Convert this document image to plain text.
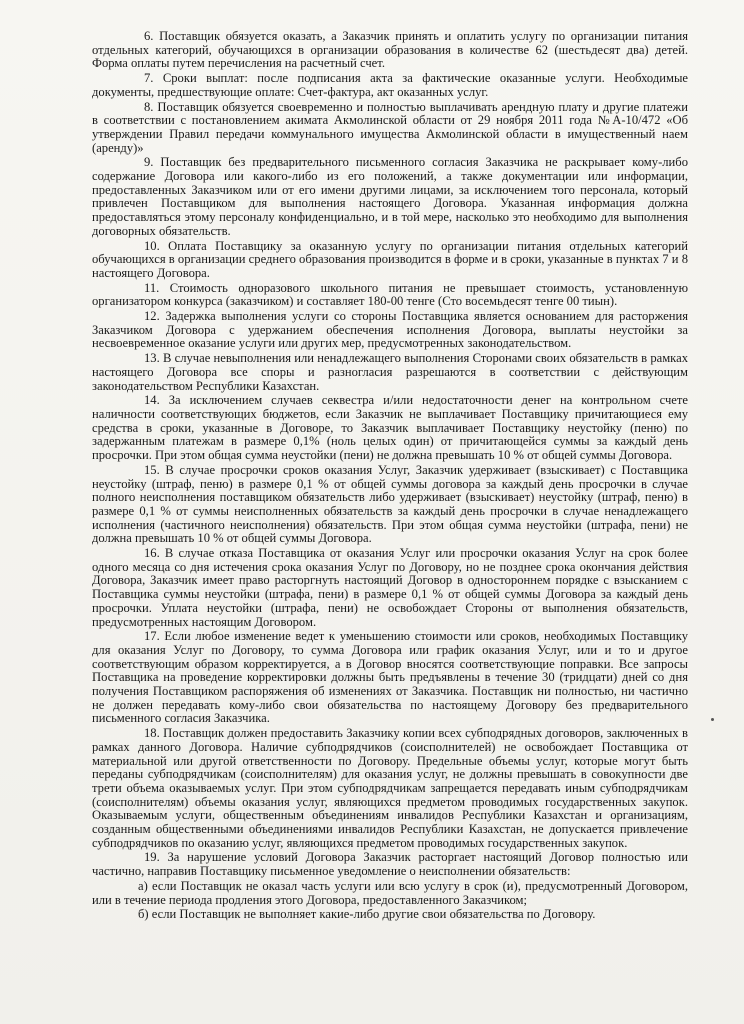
6. Поставщик обязуется оказать, а Заказчик принять и оплатить услугу по организации питания отдельных категорий, обучающихся в организации образования в количестве 62 (шестьдесят два) детей. Форма оплаты путем перечисления на расчетный счет.

7. Сроки выплат: после подписания акта за фактические оказанные услуги. Необходимые документы, предшествующие оплате: Счет-фактура, акт оказанных услуг.

8. Поставщик обязуется своевременно и полностью выплачивать арендную плату и другие платежи в соответствии с постановлением акимата Акмолинской области от 29 ноября 2011 года №А-10/472 «Об утверждении Правил передачи коммунального имущества Акмолинской области в имущественный наем (аренду)»

9. Поставщик без предварительного письменного согласия Заказчика не раскрывает кому-либо содержание Договора или какого-либо из его положений, а также документации или информации, предоставленных Заказчиком или от его имени другими лицами, за исключением того персонала, который привлечен Поставщиком для выполнения настоящего Договора. Указанная информация должна предоставляться этому персоналу конфиденциально, и в той мере, насколько это необходимо для выполнения договорных обязательств.

10. Оплата Поставщику за оказанную услугу по организации питания отдельных категорий обучающихся в организации среднего образования производится в форме и в сроки, указанные в пунктах 7 и 8 настоящего Договора.

11. Стоимость одноразового школьного питания не превышает стоимость, установленную организатором конкурса (заказчиком) и составляет 180-00 тенге (Сто восемьдесят тенге 00 тиын).

12. Задержка выполнения услуги со стороны Поставщика является основанием для расторжения Заказчиком Договора с удержанием обеспечения исполнения Договора, выплаты неустойки за несвоевременное оказание услуги или других мер, предусмотренных законодательством.

13. В случае невыполнения или ненадлежащего выполнения Сторонами своих обязательств в рамках настоящего Договора все споры и разногласия разрешаются в соответствии с действующим законодательством Республики Казахстан.

14. За исключением случаев секвестра и/или недостаточности денег на контрольном счете наличности соответствующих бюджетов, если Заказчик не выплачивает Поставщику причитающиеся ему средства в сроки, указанные в Договоре, то Заказчик выплачивает Поставщику неустойку (пеню) по задержанным платежам в размере 0,1% (ноль целых один) от причитающейся суммы за каждый день просрочки. При этом общая сумма неустойки (пени) не должна превышать 10 % от общей суммы Договора.

15. В случае просрочки сроков оказания Услуг, Заказчик удерживает (взыскивает) с Поставщика неустойку (штраф, пеню) в размере 0,1 % от общей суммы договора за каждый день просрочки в случае полного неисполнения поставщиком обязательств либо удерживает (взыскивает) неустойку (штраф, пеню) в размере 0,1 % от суммы неисполненных обязательств за каждый день просрочки в случае ненадлежащего исполнения (частичного неисполнения) обязательств. При этом общая сумма неустойки (штрафа, пени) не должна превышать 10 % от общей суммы Договора.

16. В случае отказа Поставщика от оказания Услуг или просрочки оказания Услуг на срок более одного месяца со дня истечения срока оказания Услуг по Договору, но не позднее срока окончания действия Договора, Заказчик имеет право расторгнуть настоящий Договор в одностороннем порядке с взысканием с Поставщика суммы неустойки (штрафа, пени) в размере 0,1 % от общей суммы Договора за каждый день просрочки. Уплата неустойки (штрафа, пени) не освобождает Стороны от выполнения обязательств, предусмотренных настоящим Договором.

17. Если любое изменение ведет к уменьшению стоимости или сроков, необходимых Поставщику для оказания Услуг по Договору, то сумма Договора или график оказания Услуг, или и то и другое соответствующим образом корректируется, а в Договор вносятся соответствующие поправки. Все запросы Поставщика на проведение корректировки должны быть предъявлены в течение 30 (тридцати) дней со дня получения Поставщиком распоряжения об изменениях от Заказчика. Поставщик ни полностью, ни частично не должен передавать кому-либо свои обязательства по настоящему Договору без предварительного письменного согласия Заказчика.

18. Поставщик должен предоставить Заказчику копии всех субподрядных договоров, заключенных в рамках данного Договора. Наличие субподрядчиков (соисполнителей) не освобождает Поставщика от материальной или другой ответственности по Договору. Предельные объемы услуг, которые могут быть переданы субподрядчикам (соисполнителям) для оказания услуг, не должны превышать в совокупности две трети объема оказываемых услуг. При этом субподрядчикам запрещается передавать иным субподрядчикам (соисполнителям) объемы оказания услуг, являющихся предметом проводимых государственных закупок. Оказываемым услуги, общественным объединениям инвалидов Республики Казахстан и организациям, созданным общественными объединениями инвалидов Республики Казахстан, не допускается привлечение субподрядчиков по оказанию услуг, являющихся предметом проводимых государственных закупок.

19. За нарушение условий Договора Заказчик расторгает настоящий Договор полностью или частично, направив Поставщику письменное уведомление о неисполнении обязательств:

а) если Поставщик не оказал часть услуги или всю услугу в срок (и), предусмотренный Договором, или в течение периода продления этого Договора, предоставленного Заказчиком;

б) если Поставщик не выполняет какие-либо другие свои обязательства по Договору.
